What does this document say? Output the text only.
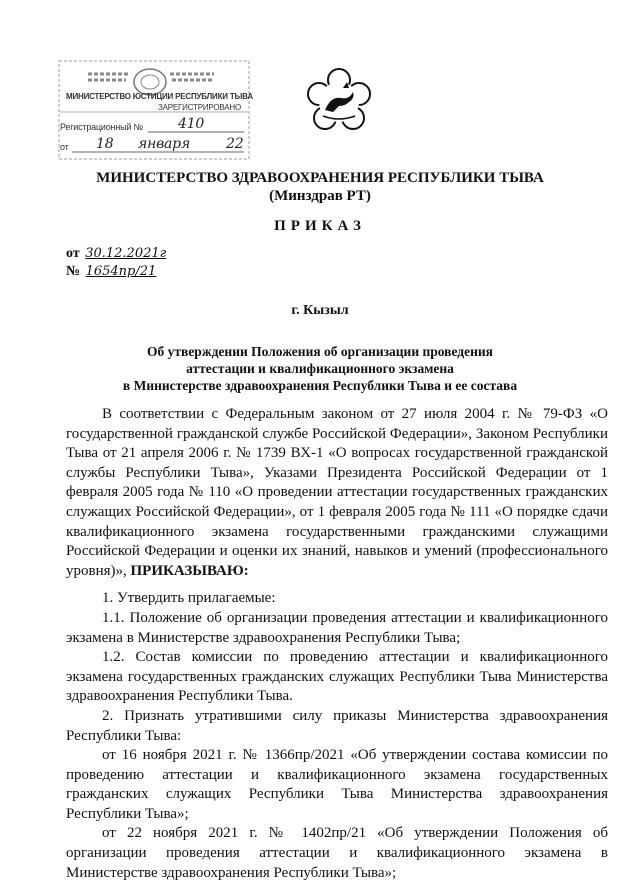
МИНИСТЕРСТВО ЮСТИЦИИ РЕСПУБЛИКИ ТЫВА
ЗАРЕГИСТРИРОВАНО
Регистрационный №
от
410
18 января	22
МИНИСТЕРСТВО ЗДРАВООХРАНЕНИЯ РЕСПУБЛИКИ ТЫВА
(Минздрав РТ)
ПРИКАЗ
от 30.12.2021г
№ 1654пр/21
г. Кызыл
Об утверждении Положения об организации проведения
аттестации и квалификационного экзамена
в Министерстве здравоохранения Республики Тыва и ее состава

В соответствии с Федеральным законом от 27 июля 2004 г. № 79-ФЗ «О государственной гражданской службе Российской Федерации», Законом Республики Тыва от 21 апреля 2006 г. № 1739 ВХ-1 «О вопросах государственной гражданской службы Республики Тыва», Указами Президента Российской Федерации от 1 февраля 2005 года № 110 «О проведении аттестации государственных гражданских служащих Российской Федерации», от 1 февраля 2005 года № 111 «О порядке сдачи квалификационного экзамена государственными гражданскими служащими Российской Федерации и оценки их знаний, навыков и умений (профессионального уровня)», ПРИКАЗЫВАЮ:

1. Утвердить прилагаемые:

1.1. Положение об организации проведения аттестации и квалификационного экзамена в Министерстве здравоохранения Республики Тыва;

1.2. Состав комиссии по проведению аттестации и квалификационного экзамена государственных гражданских служащих Республики Тыва Министерства здравоохранения Республики Тыва.

2. Признать утратившими силу приказы Министерства здравоохранения Республики Тыва:

от 16 ноября 2021 г. № 1366пр/2021 «Об утверждении состава комиссии по проведению аттестации и квалификационного экзамена государственных гражданских служащих Республики Тыва Министерства здравоохранения Республики Тыва»;

от 22 ноября 2021 г. № 1402пр/21 «Об утверждении Положения об организации проведения аттестации и квалификационного экзамена в Министерстве здравоохранения Республики Тыва»;
